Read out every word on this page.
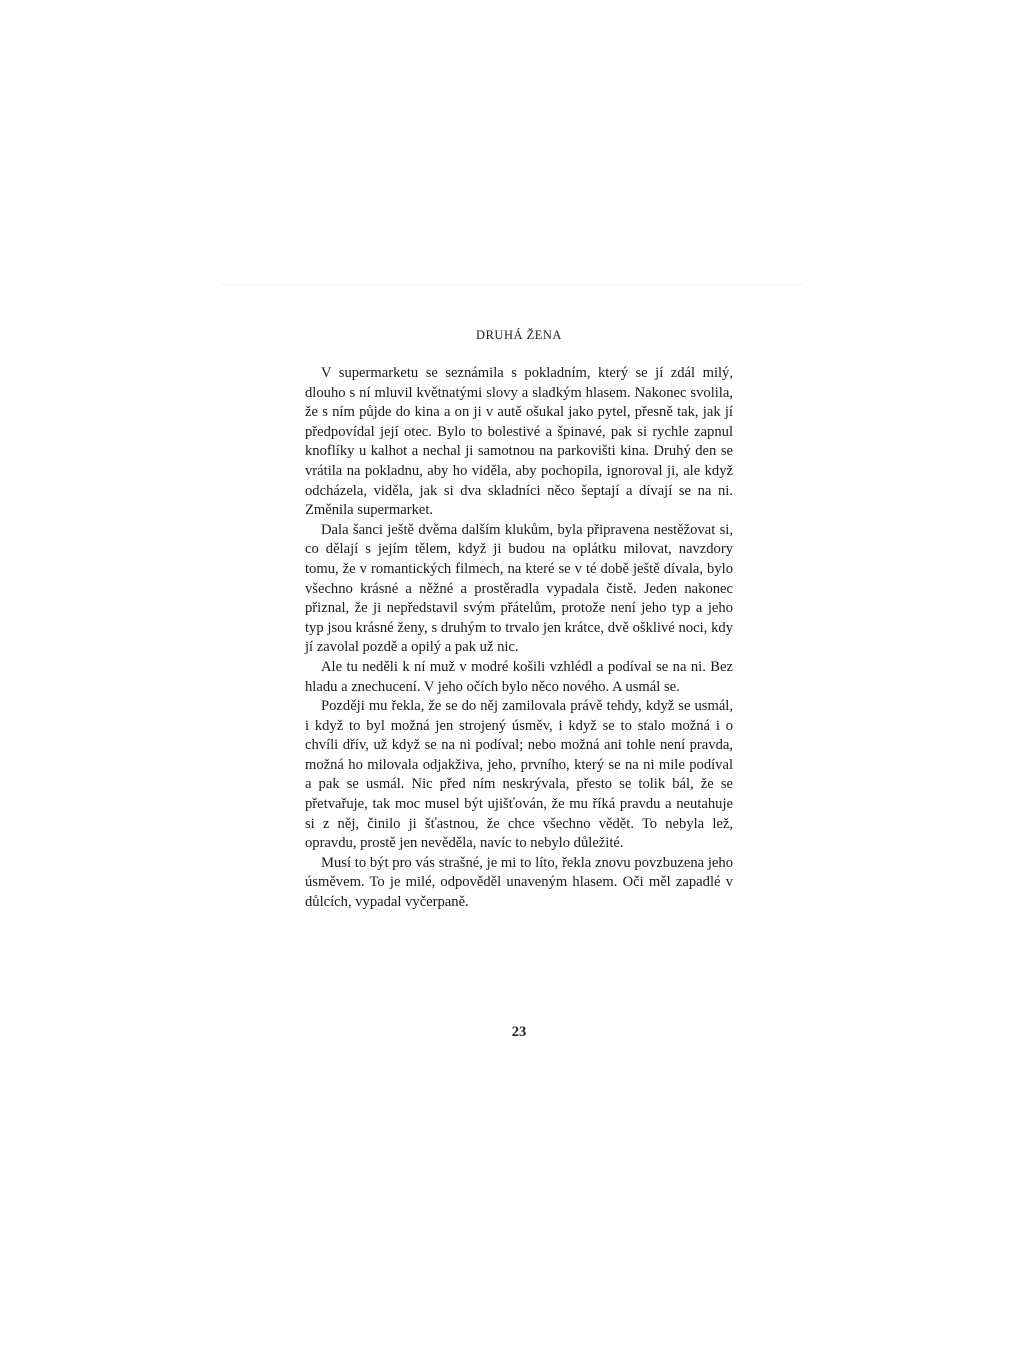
DRUHÁ ŽENA

V supermarketu se seznámila s pokladním, který se jí zdál milý, dlouho s ní mluvil květnatými slovy a sladkým hlasem. Nakonec svolila, že s ním půjde do kina a on ji v autě ošukal jako pytel, přesně tak, jak jí předpovídal její otec. Bylo to bolestivé a špinavé, pak si rychle zapnul knoflíky u kalhot a nechal ji samotnou na parkovišti kina. Druhý den se vrátila na pokladnu, aby ho viděla, aby pochopila, ignoroval ji, ale když odcházela, viděla, jak si dva skladníci něco šeptají a dívají se na ni. Změnila supermarket.

Dala šanci ještě dvěma dalším klukům, byla připravena nestěžovat si, co dělají s jejím tělem, když ji budou na oplátku milovat, navzdory tomu, že v romantických filmech, na které se v té době ještě dívala, bylo všechno krásné a něžné a prostěradla vypadala čistě. Jeden nakonec přiznal, že ji nepředstavil svým přátelům, protože není jeho typ a jeho typ jsou krásné ženy, s druhým to trvalo jen krátce, dvě ošklivé noci, kdy jí zavolal pozdě a opilý a pak už nic.

Ale tu neděli k ní muž v modré košili vzhlédl a podíval se na ni. Bez hladu a znechucení. V jeho očích bylo něco nového. A usmál se.

Později mu řekla, že se do něj zamilovala právě tehdy, když se usmál, i když to byl možná jen strojený úsměv, i když se to stalo možná i o chvíli dřív, už když se na ni podíval; nebo možná ani tohle není pravda, možná ho milovala odjakživa, jeho, prvního, který se na ni mile podíval a pak se usmál. Nic před ním neskrývala, přesto se tolik bál, že se přetvařuje, tak moc musel být ujišťován, že mu říká pravdu a neutahuje si z něj, činilo ji šťastnou, že chce všechno vědět. To nebyla lež, opravdu, prostě jen nevěděla, navíc to nebylo důležité.

Musí to být pro vás strašné, je mi to líto, řekla znovu povzbuzena jeho úsměvem. To je milé, odpověděl unaveným hlasem. Oči měl zapadlé v důlcích, vypadal vyčerpaně.

23
